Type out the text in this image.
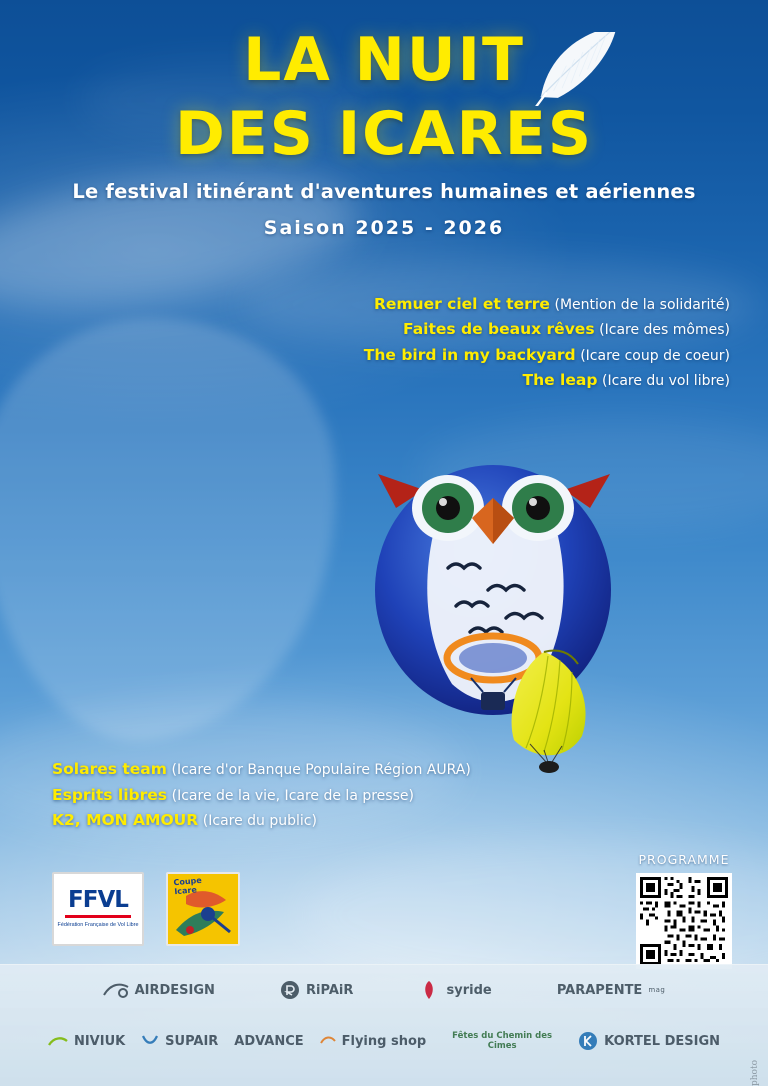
LA NUIT
DES ICARES
Le festival itinérant d'aventures humaines et aériennes
Saison 2025 - 2026
Remuer ciel et terre (Mention de la solidarité)
Faites de beaux rêves (Icare des mômes)
The bird in my backyard (Icare coup de coeur)
The leap (Icare du vol libre)
Solares team (Icare d'or Banque Populaire Région AURA)
Esprits libres (Icare de la vie, Icare de la presse)
K2, MON AMOUR (Icare du public)
FFVL
Fédération Française de Vol Libre
Coupe
Icare
PROGRAMME
AIRDESIGN	RiPAiR	syride	PARAPENTE mag
NIVIUK	SUPAIR ADVANCE	Flying shop	Fêtes du Chemin des Cimes	KORTEL DESIGN
photo
